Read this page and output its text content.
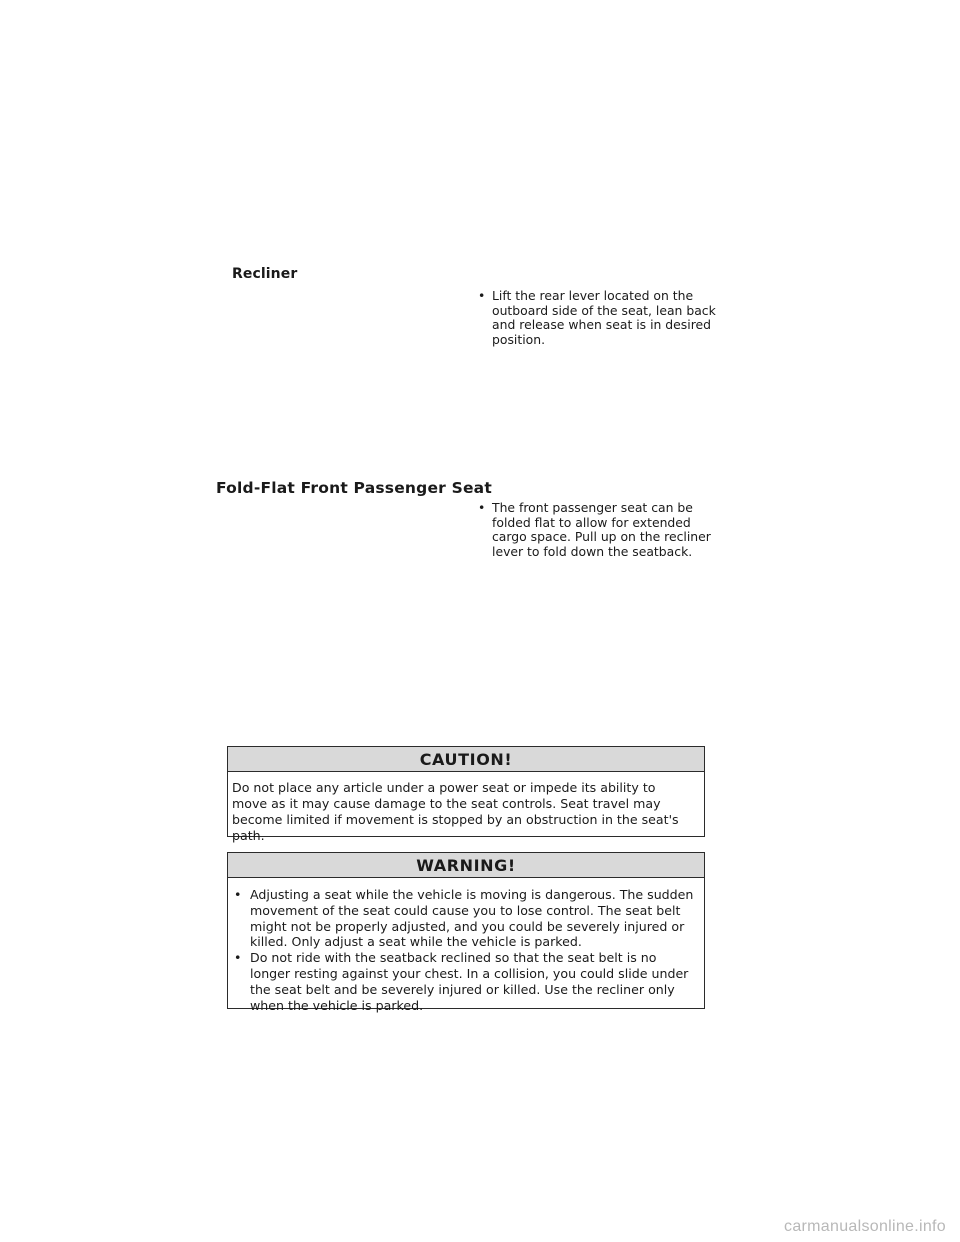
Recliner
• Lift the rear lever located on the outboard side of the seat, lean back and release when seat is in desired position.
Fold-Flat Front Passenger Seat
• The front passenger seat can be folded flat to allow for extended cargo space. Pull up on the recliner lever to fold down the seatback.
CAUTION!
Do not place any article under a power seat or impede its ability to move as it may cause damage to the seat controls. Seat travel may become limited if movement is stopped by an obstruction in the seat's path.
WARNING!
• Adjusting a seat while the vehicle is moving is dangerous. The sudden movement of the seat could cause you to lose control. The seat belt might not be properly adjusted, and you could be severely injured or killed. Only adjust a seat while the vehicle is parked.
• Do not ride with the seatback reclined so that the seat belt is no longer resting against your chest. In a collision, you could slide under the seat belt and be severely injured or killed. Use the recliner only when the vehicle is parked.
carmanualsonline.info
